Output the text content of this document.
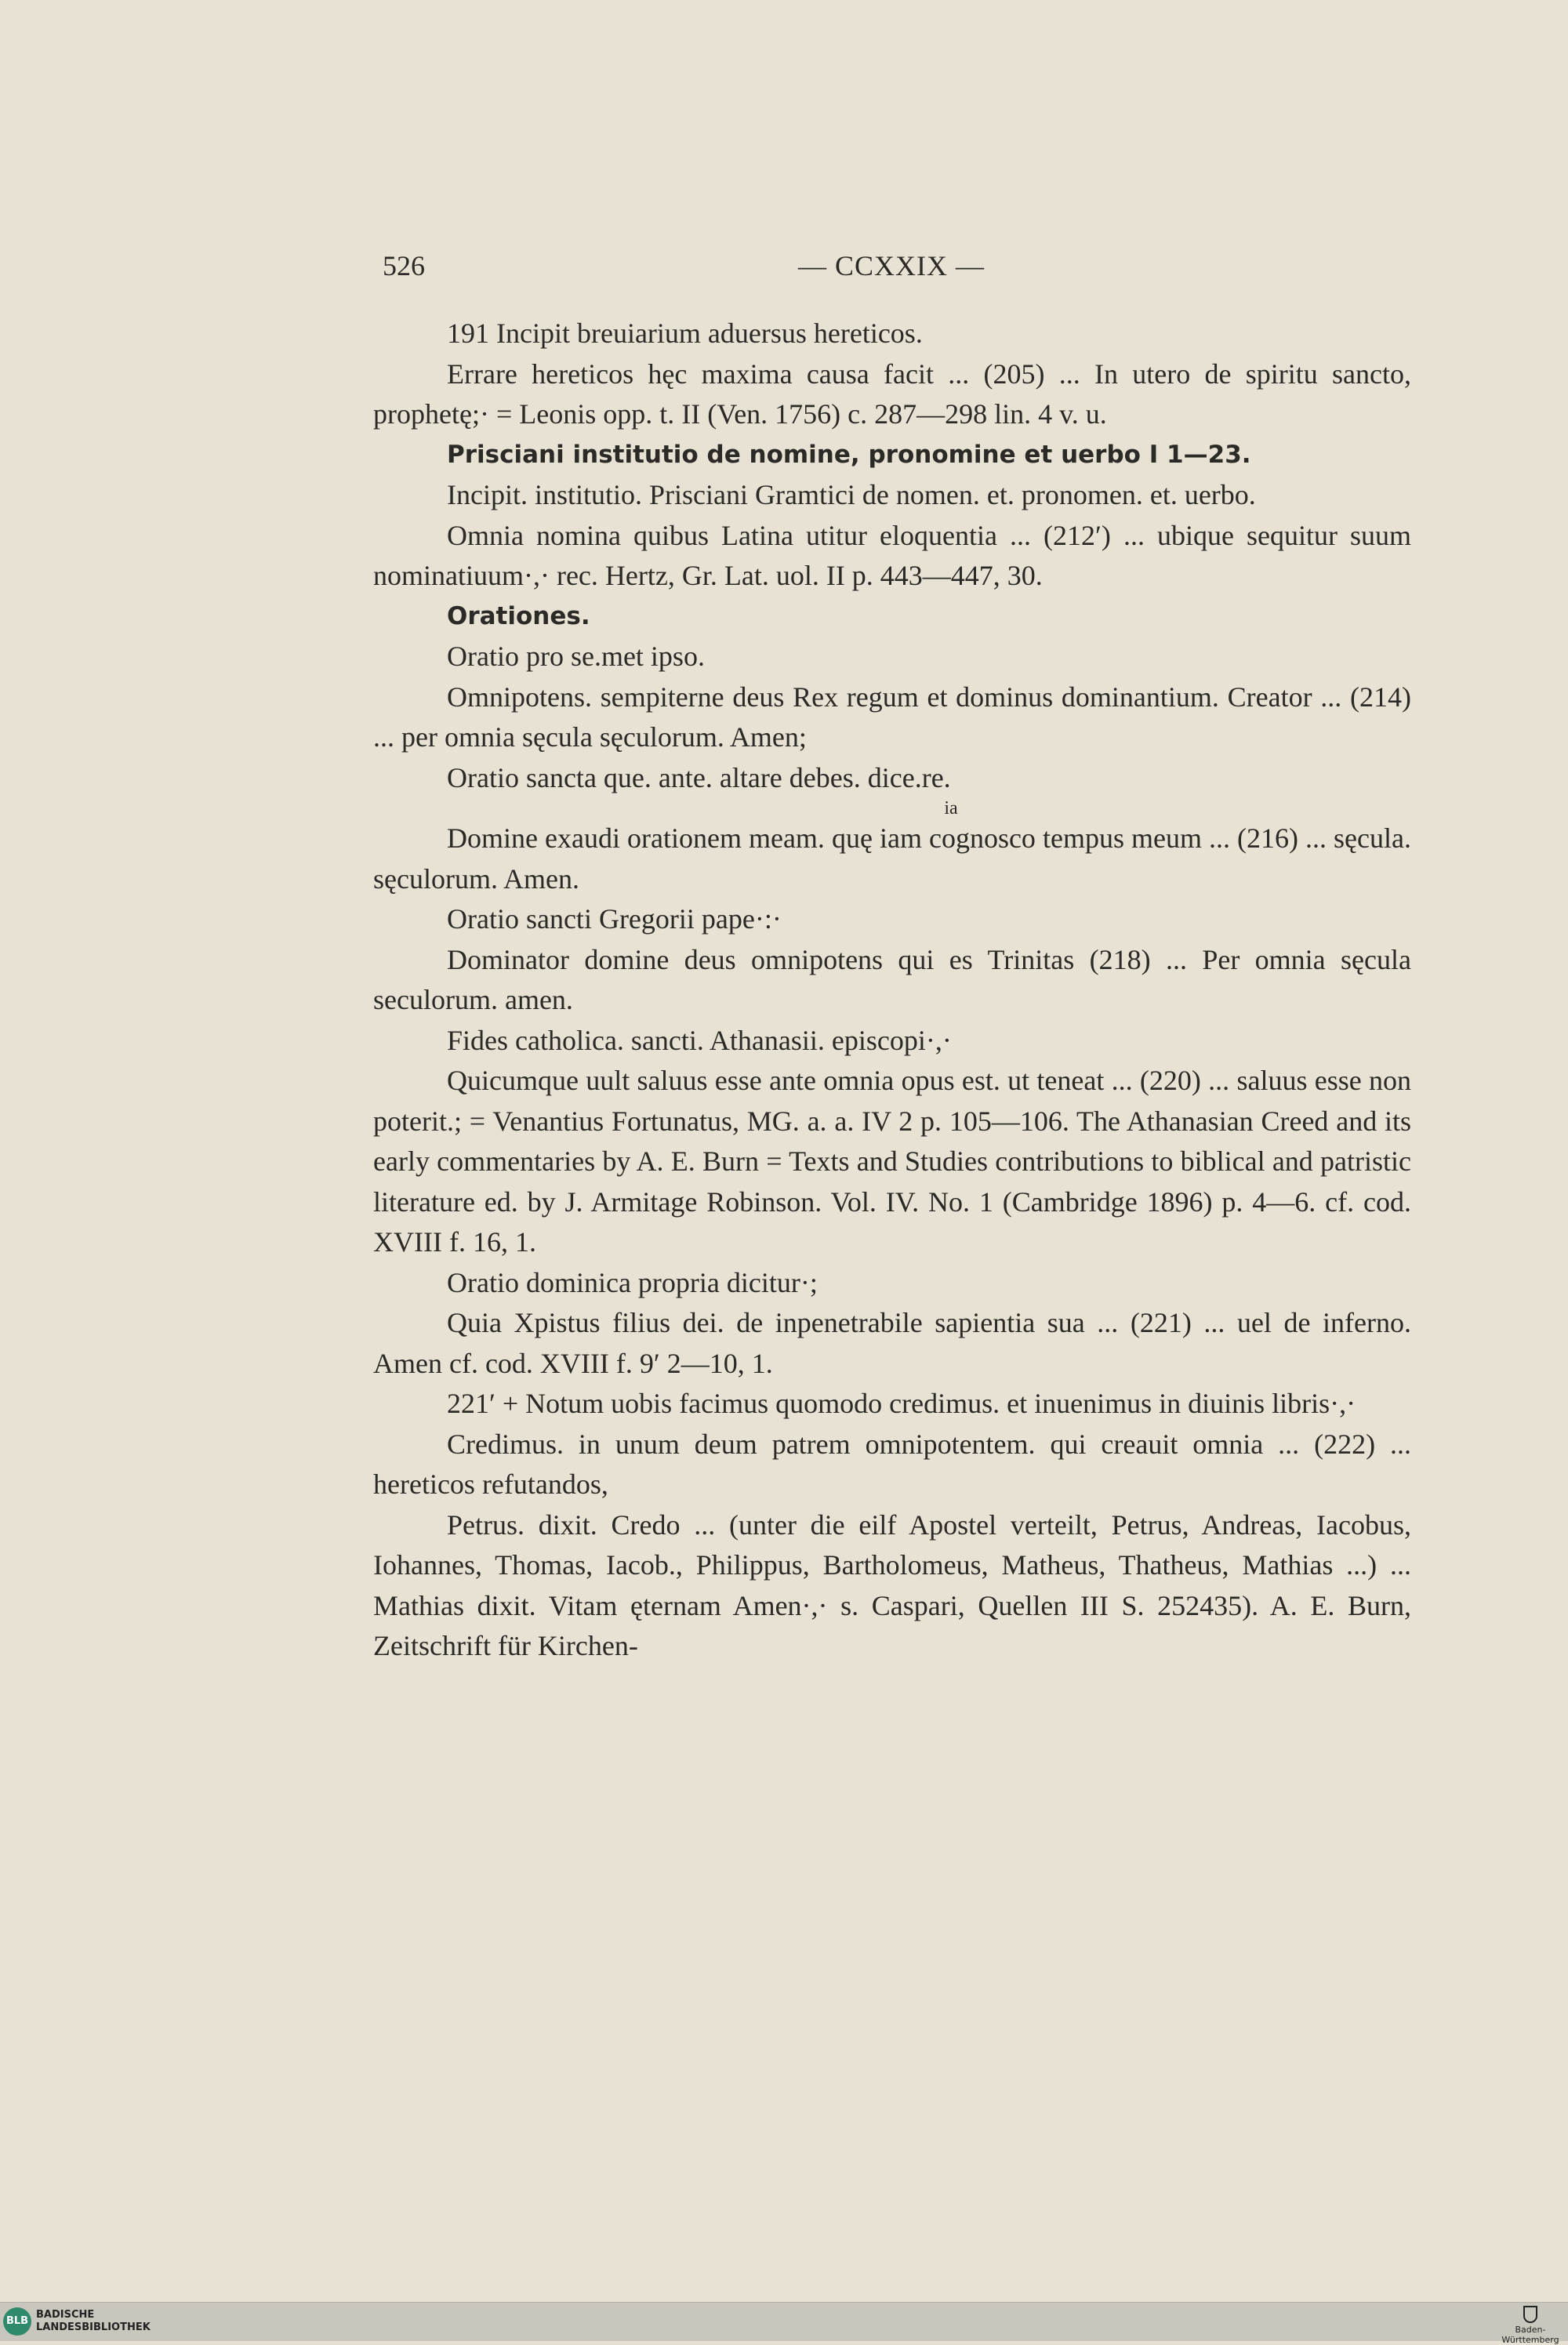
526	— CCXXIX —

191 Incipit breuiarium aduersus hereticos.

Errare hereticos hęc maxima causa facit ... (205) ... In utero de spiritu sancto, prophetę;· = Leonis opp. t. II (Ven. 1756) c. 287—298 lin. 4 v. u.

Prisciani institutio de nomine, pronomine et uerbo I 1—23.

Incipit. institutio. Prisciani Gramtici de nomen. et. pronomen. et. uerbo.

Omnia nomina quibus Latina utitur eloquentia ... (212′) ... ubique sequitur suum nominatiuum·,· rec. Hertz, Gr. Lat. uol. II p. 443—447, 30.

Orationes.

Oratio pro se.met ipso.

Omnipotens. sempiterne deus Rex regum et dominus dominantium. Creator ... (214) ... per omnia sęcula sęculorum. Amen;

Oratio sancta que. ante. altare debes. dice.re.

ia

Domine exaudi orationem meam. quę iam cognosco tempus meum ... (216) ... sęcula. sęculorum. Amen.

Oratio sancti Gregorii pape·:·

Dominator domine deus omnipotens qui es Trinitas (218) ... Per omnia sęcula seculorum. amen.

Fides catholica. sancti. Athanasii. episcopi·,·

Quicumque uult saluus esse ante omnia opus est. ut teneat ... (220) ... saluus esse non poterit.; = Venantius Fortunatus, MG. a. a. IV 2 p. 105—106. The Athanasian Creed and its early commentaries by A. E. Burn = Texts and Studies contributions to biblical and patristic literature ed. by J. Armitage Robinson. Vol. IV. No. 1 (Cambridge 1896) p. 4—6. cf. cod. XVIII f. 16, 1.

Oratio dominica propria dicitur·;

Quia Xpistus filius dei. de inpenetrabile sapientia sua ... (221) ... uel de inferno. Amen cf. cod. XVIII f. 9′ 2—10, 1.

221′ + Notum uobis facimus quomodo credimus. et inuenimus in diuinis libris·,·

Credimus. in unum deum patrem omnipotentem. qui creauit omnia ... (222) ... hereticos refutandos,

Petrus. dixit. Credo ... (unter die eilf Apostel verteilt, Petrus, Andreas, Iacobus, Iohannes, Thomas, Iacob., Philippus, Bartholomeus, Matheus, Thatheus, Mathias ...) ... Mathias dixit. Vitam ęternam Amen·,· s. Caspari, Quellen III S. 252435). A. E. Burn, Zeitschrift für Kirchen-

BLB
BADISCHE
LANDESBIBLIOTHEK	Baden-Württemberg
